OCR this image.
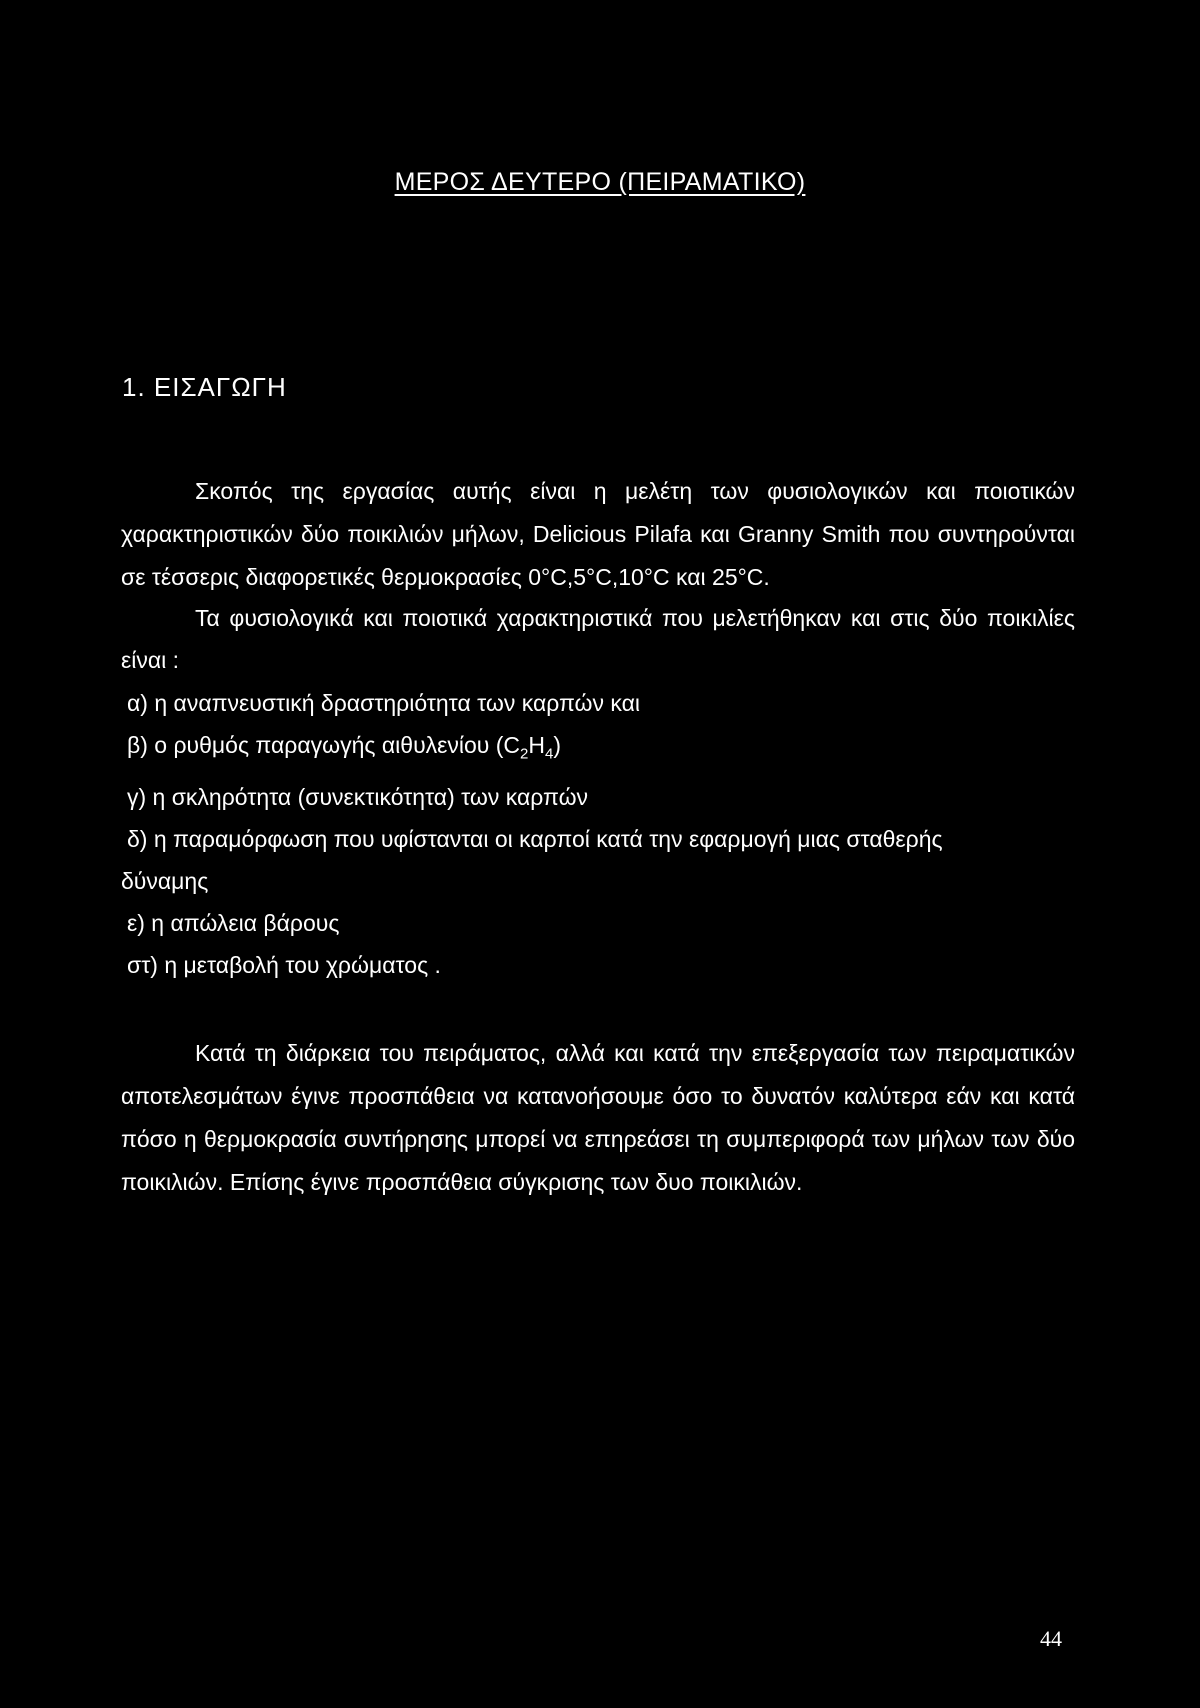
ΜΕΡΟΣ ΔΕΥΤΕΡΟ (ΠΕΙΡΑΜΑΤΙΚΟ)
1. ΕΙΣΑΓΩΓΗ

Σκοπός της εργασίας αυτής είναι η μελέτη των φυσιολογικών και ποιοτικών χαρακτηριστικών δύο ποικιλιών μήλων, Delicious Pilafa και Granny Smith που συντηρούνται σε τέσσερις διαφορετικές θερμοκρασίες 0°C,5°C,10°C και 25°C.

Τα φυσιολογικά και ποιοτικά χαρακτηριστικά που μελετήθηκαν και στις δύο ποικιλίες είναι :

α) η αναπνευστική δραστηριότητα των καρπών και
β) ο ρυθμός παραγωγής αιθυλενίου $(C_2H_4)$
γ) η σκληρότητα (συνεκτικότητα) των καρπών
δ) η παραμόρφωση που υφίστανται οι καρποί κατά την εφαρμογή μιας σταθερής
δύναμης
ε) η απώλεια βάρους
στ) η μεταβολή του χρώματος .

Κατά τη διάρκεια του πειράματος, αλλά και κατά την επεξεργασία των πειραματικών αποτελεσμάτων έγινε προσπάθεια να κατανοήσουμε όσο το δυνατόν καλύτερα εάν και κατά πόσο η θερμοκρασία συντήρησης μπορεί να επηρεάσει τη συμπεριφορά των μήλων των δύο ποικιλιών. Επίσης έγινε προσπάθεια σύγκρισης των δυο ποικιλιών.

44
